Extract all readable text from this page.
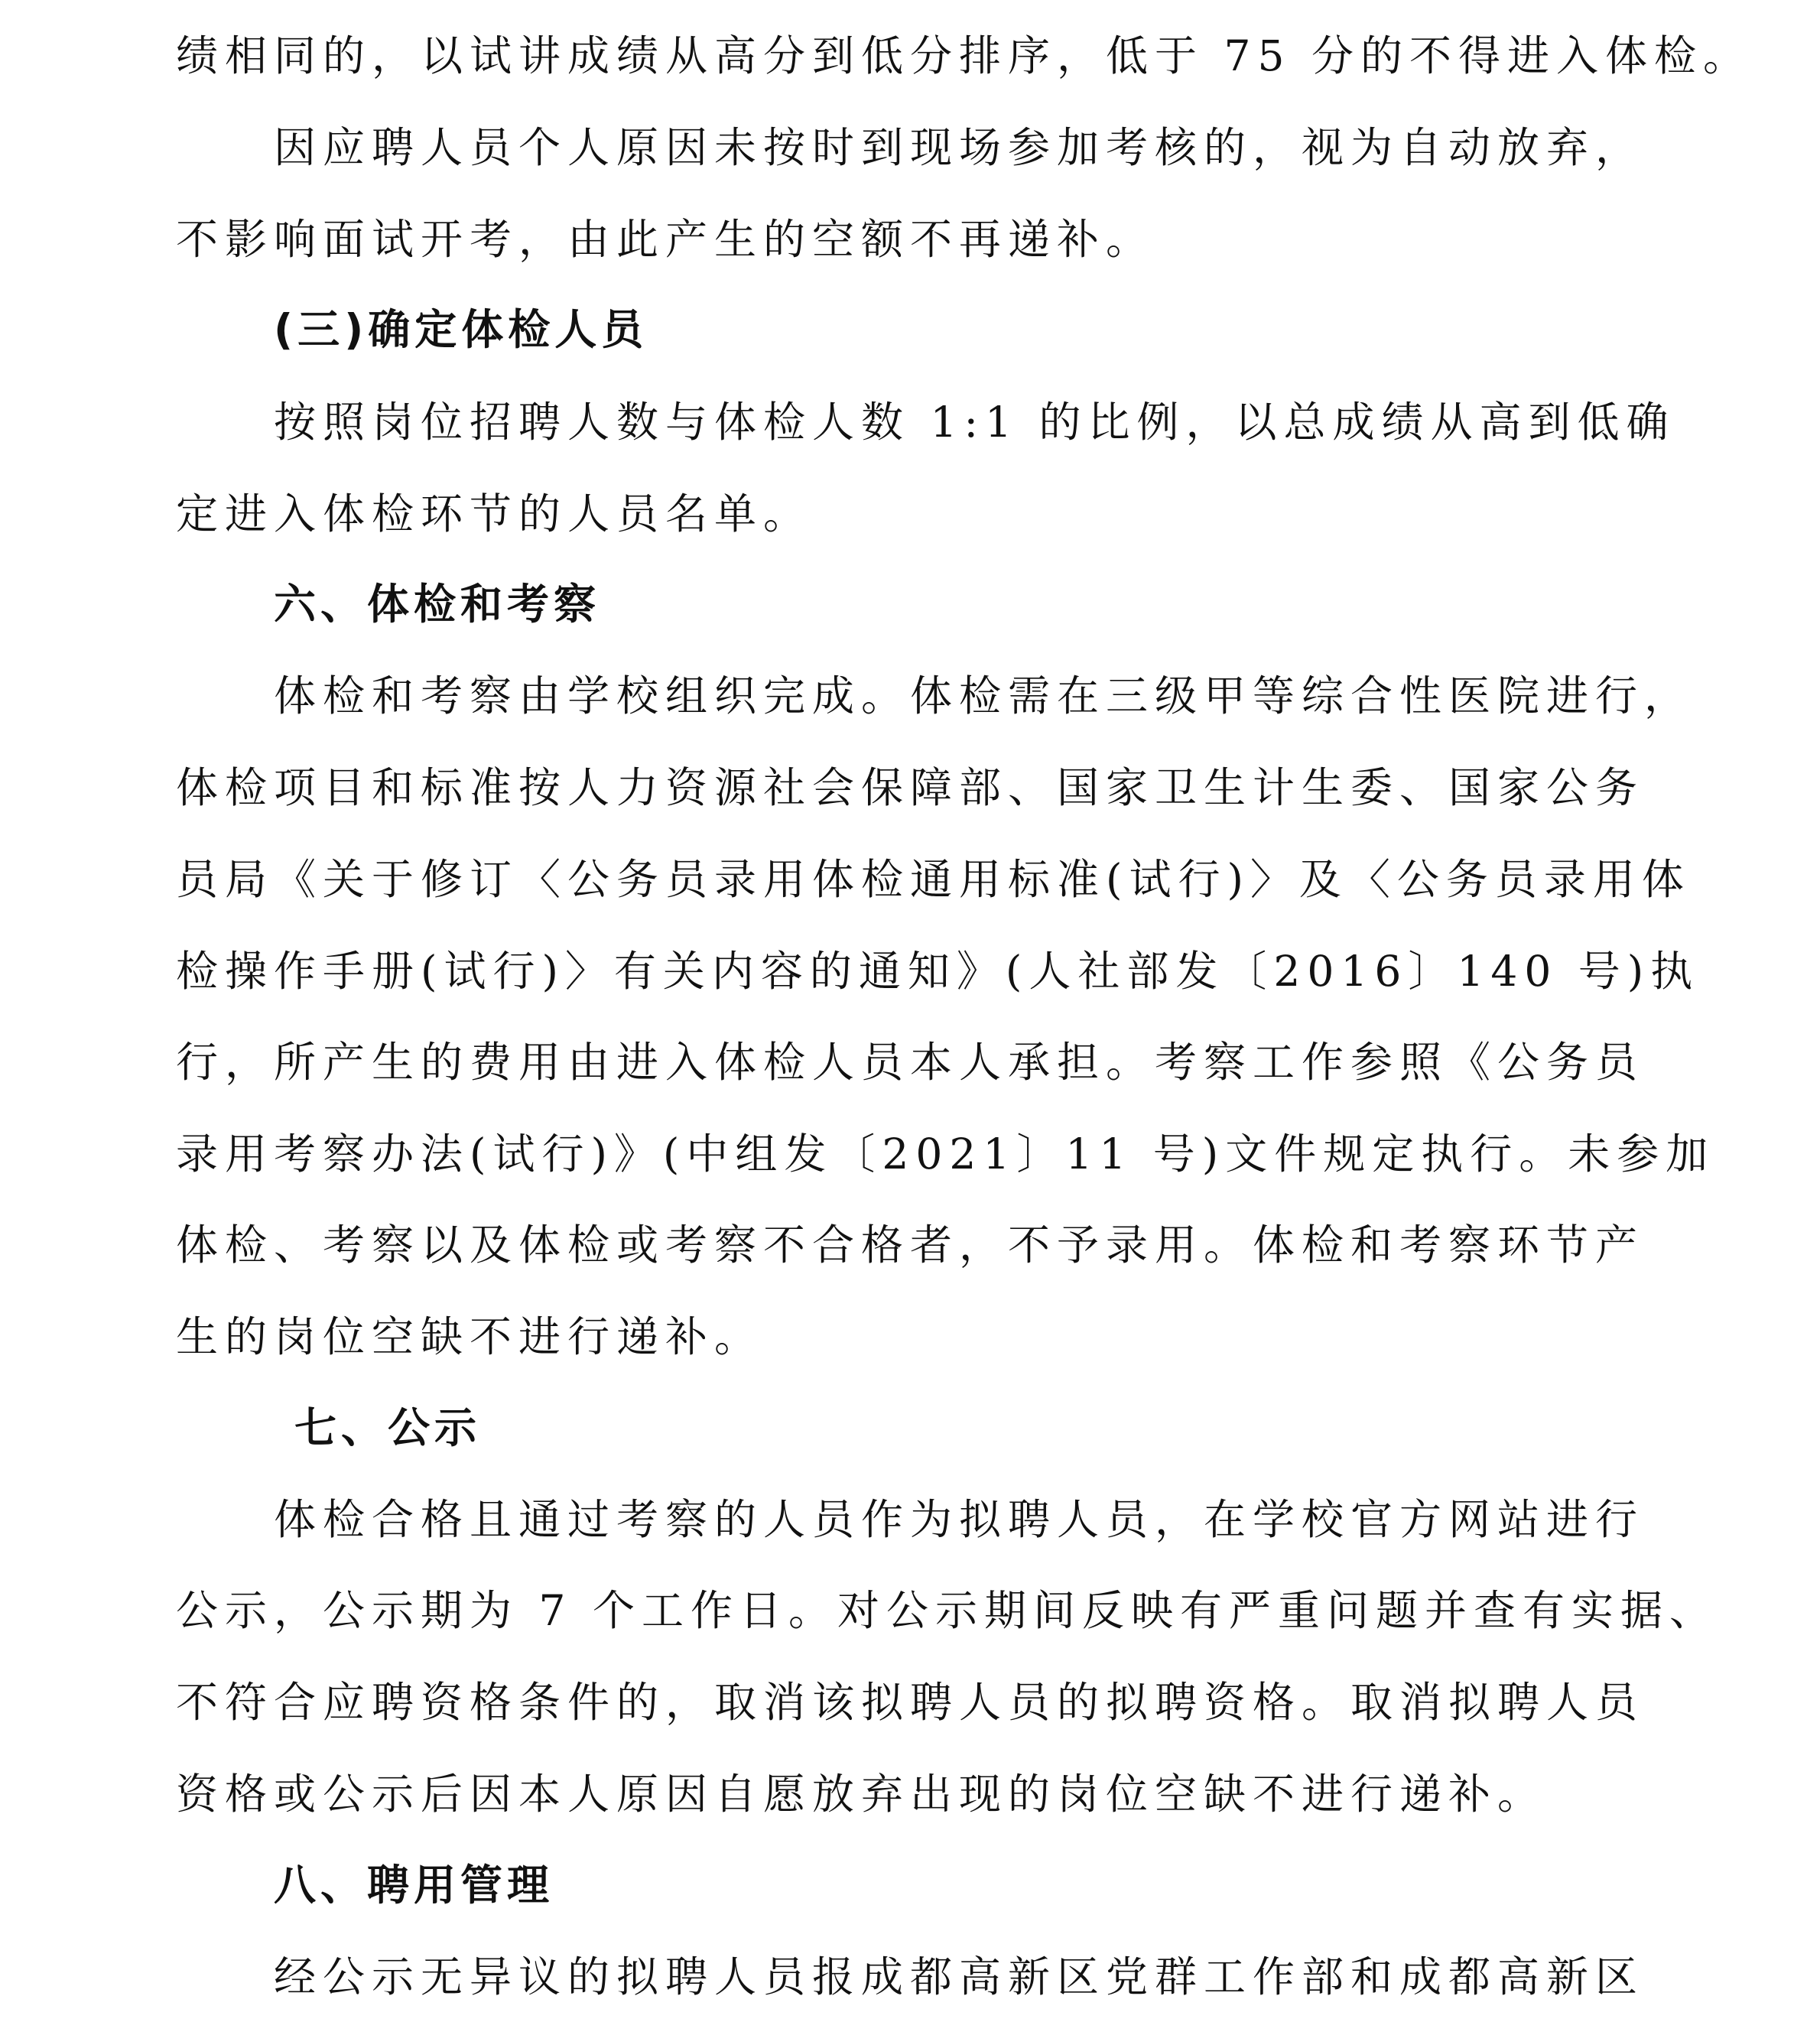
绩相同的，以试讲成绩从高分到低分排序，低于 75 分的不得进入体检。
因应聘人员个人原因未按时到现场参加考核的，视为自动放弃，
不影响面试开考，由此产生的空额不再递补。
(三)确定体检人员
按照岗位招聘人数与体检人数 1:1 的比例，以总成绩从高到低确
定进入体检环节的人员名单。
六、体检和考察
体检和考察由学校组织完成。体检需在三级甲等综合性医院进行，
体检项目和标准按人力资源社会保障部、国家卫生计生委、国家公务
员局《关于修订〈公务员录用体检通用标准(试行)〉及〈公务员录用体
检操作手册(试行)〉有关内容的通知》(人社部发〔2016〕140 号)执
行，所产生的费用由进入体检人员本人承担。考察工作参照《公务员
录用考察办法(试行)》(中组发〔2021〕11 号)文件规定执行。未参加
体检、考察以及体检或考察不合格者，不予录用。体检和考察环节产
生的岗位空缺不进行递补。
七、公示
体检合格且通过考察的人员作为拟聘人员，在学校官方网站进行
公示，公示期为 7 个工作日。对公示期间反映有严重问题并查有实据、
不符合应聘资格条件的，取消该拟聘人员的拟聘资格。取消拟聘人员
资格或公示后因本人原因自愿放弃出现的岗位空缺不进行递补。
八、聘用管理
经公示无异议的拟聘人员报成都高新区党群工作部和成都高新区
